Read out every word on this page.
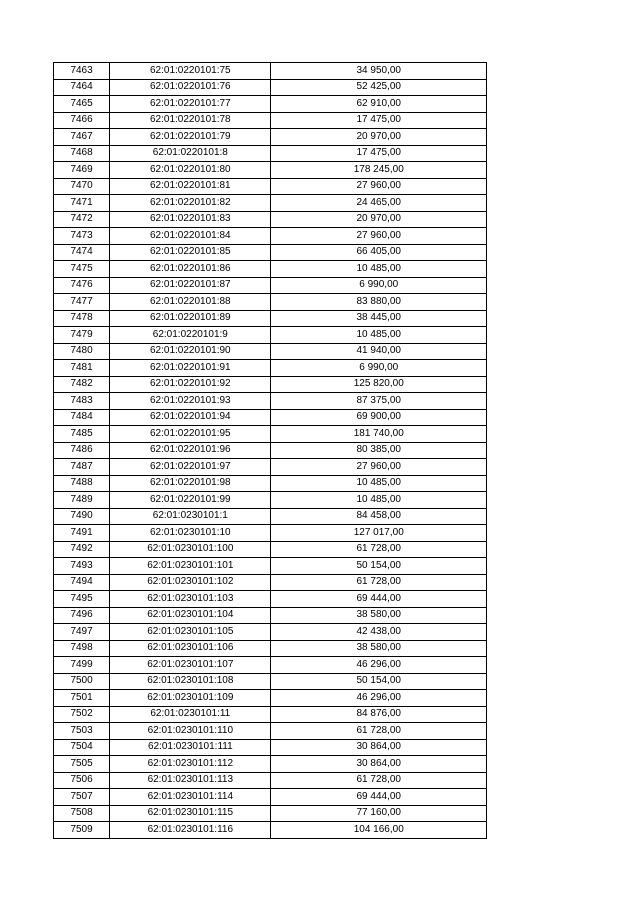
7463	62:01:0220101:75	34 950,00
7464	62:01:0220101:76	52 425,00
7465	62:01:0220101:77	62 910,00
7466	62:01:0220101:78	17 475,00
7467	62:01:0220101:79	20 970,00
7468	62:01:0220101:8	17 475,00
7469	62:01:0220101:80	178 245,00
7470	62:01:0220101:81	27 960,00
7471	62:01:0220101:82	24 465,00
7472	62:01:0220101:83	20 970,00
7473	62:01:0220101:84	27 960,00
7474	62:01:0220101:85	66 405,00
7475	62:01:0220101:86	10 485,00
7476	62:01:0220101:87	6 990,00
7477	62:01:0220101:88	83 880,00
7478	62:01:0220101:89	38 445,00
7479	62:01:0220101:9	10 485,00
7480	62:01:0220101:90	41 940,00
7481	62:01:0220101:91	6 990,00
7482	62:01:0220101:92	125 820,00
7483	62:01:0220101:93	87 375,00
7484	62:01:0220101:94	69 900,00
7485	62:01:0220101:95	181 740,00
7486	62:01:0220101:96	80 385,00
7487	62:01:0220101:97	27 960,00
7488	62:01:0220101:98	10 485,00
7489	62:01:0220101:99	10 485,00
7490	62:01:0230101:1	84 458,00
7491	62:01:0230101:10	127 017,00
7492	62:01:0230101:100	61 728,00
7493	62:01:0230101:101	50 154,00
7494	62:01:0230101:102	61 728,00
7495	62:01:0230101:103	69 444,00
7496	62:01:0230101:104	38 580,00
7497	62:01:0230101:105	42 438,00
7498	62:01:0230101:106	38 580,00
7499	62:01:0230101:107	46 296,00
7500	62:01:0230101:108	50 154,00
7501	62:01:0230101:109	46 296,00
7502	62:01:0230101:11	84 876,00
7503	62:01:0230101:110	61 728,00
7504	62:01:0230101:111	30 864,00
7505	62:01:0230101:112	30 864,00
7506	62:01:0230101:113	61 728,00
7507	62:01:0230101:114	69 444,00
7508	62:01:0230101:115	77 160,00
7509	62:01:0230101:116	104 166,00
